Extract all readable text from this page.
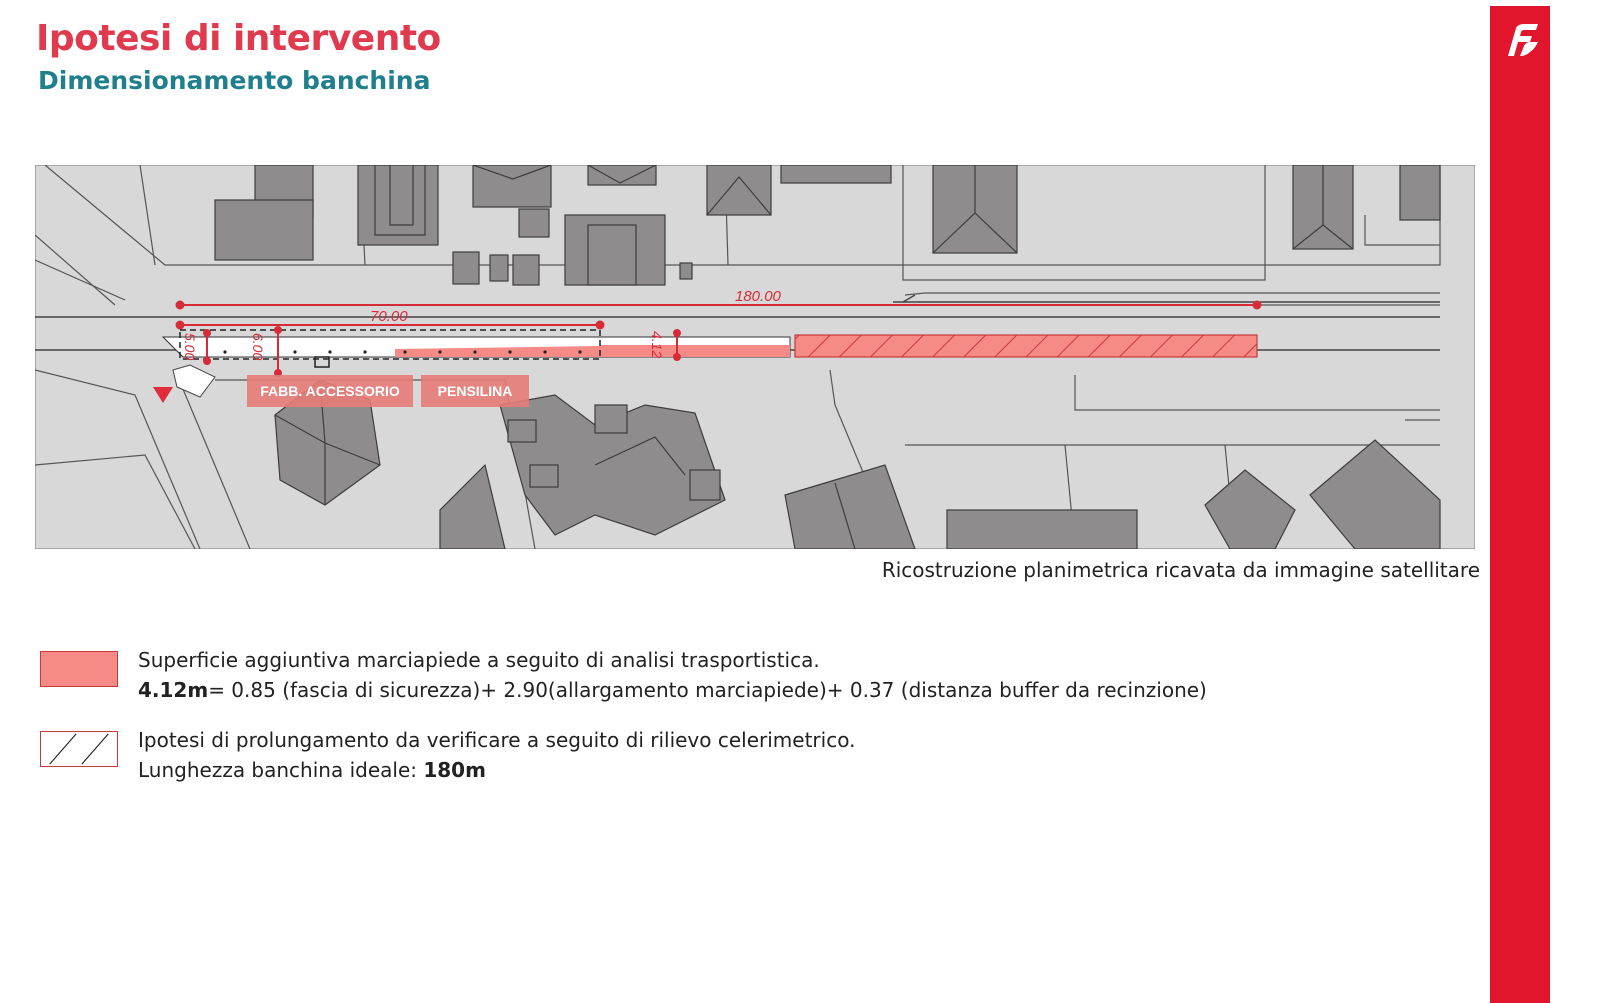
Ipotesi di intervento
Dimensionamento banchina
180.00
70.00
5.00	6.00	4.12
FABB. ACCESSORIO	PENSILINA
Ricostruzione planimetrica ricavata da immagine satellitare
Superficie aggiuntiva marciapiede a seguito di analisi trasportistica.
4.12m= 0.85 (fascia di sicurezza)+ 2.90(allargamento marciapiede)+ 0.37 (distanza buffer da recinzione)
Ipotesi di prolungamento da verificare a seguito di rilievo celerimetrico.
Lunghezza banchina ideale: 180m
